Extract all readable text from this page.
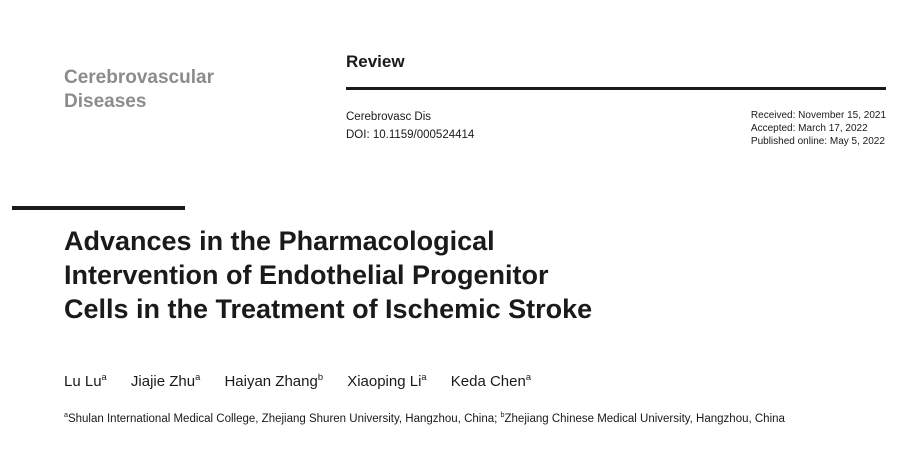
Cerebrovascular
Diseases
Review
Cerebrovasc Dis
DOI: 10.1159/000524414
Received: November 15, 2021
Accepted: March 17, 2022
Published online: May 5, 2022
Advances in the Pharmacological
Intervention of Endothelial Progenitor
Cells in the Treatment of Ischemic Stroke
Lu Lu$^a$ Jiajie Zhu$^a$ Haiyan Zhang$^b$ Xiaoping Li$^a$ Keda Chen$^a$
$^a$Shulan International Medical College, Zhejiang Shuren University, Hangzhou, China; $^b$Zhejiang Chinese Medical University, Hangzhou, China
